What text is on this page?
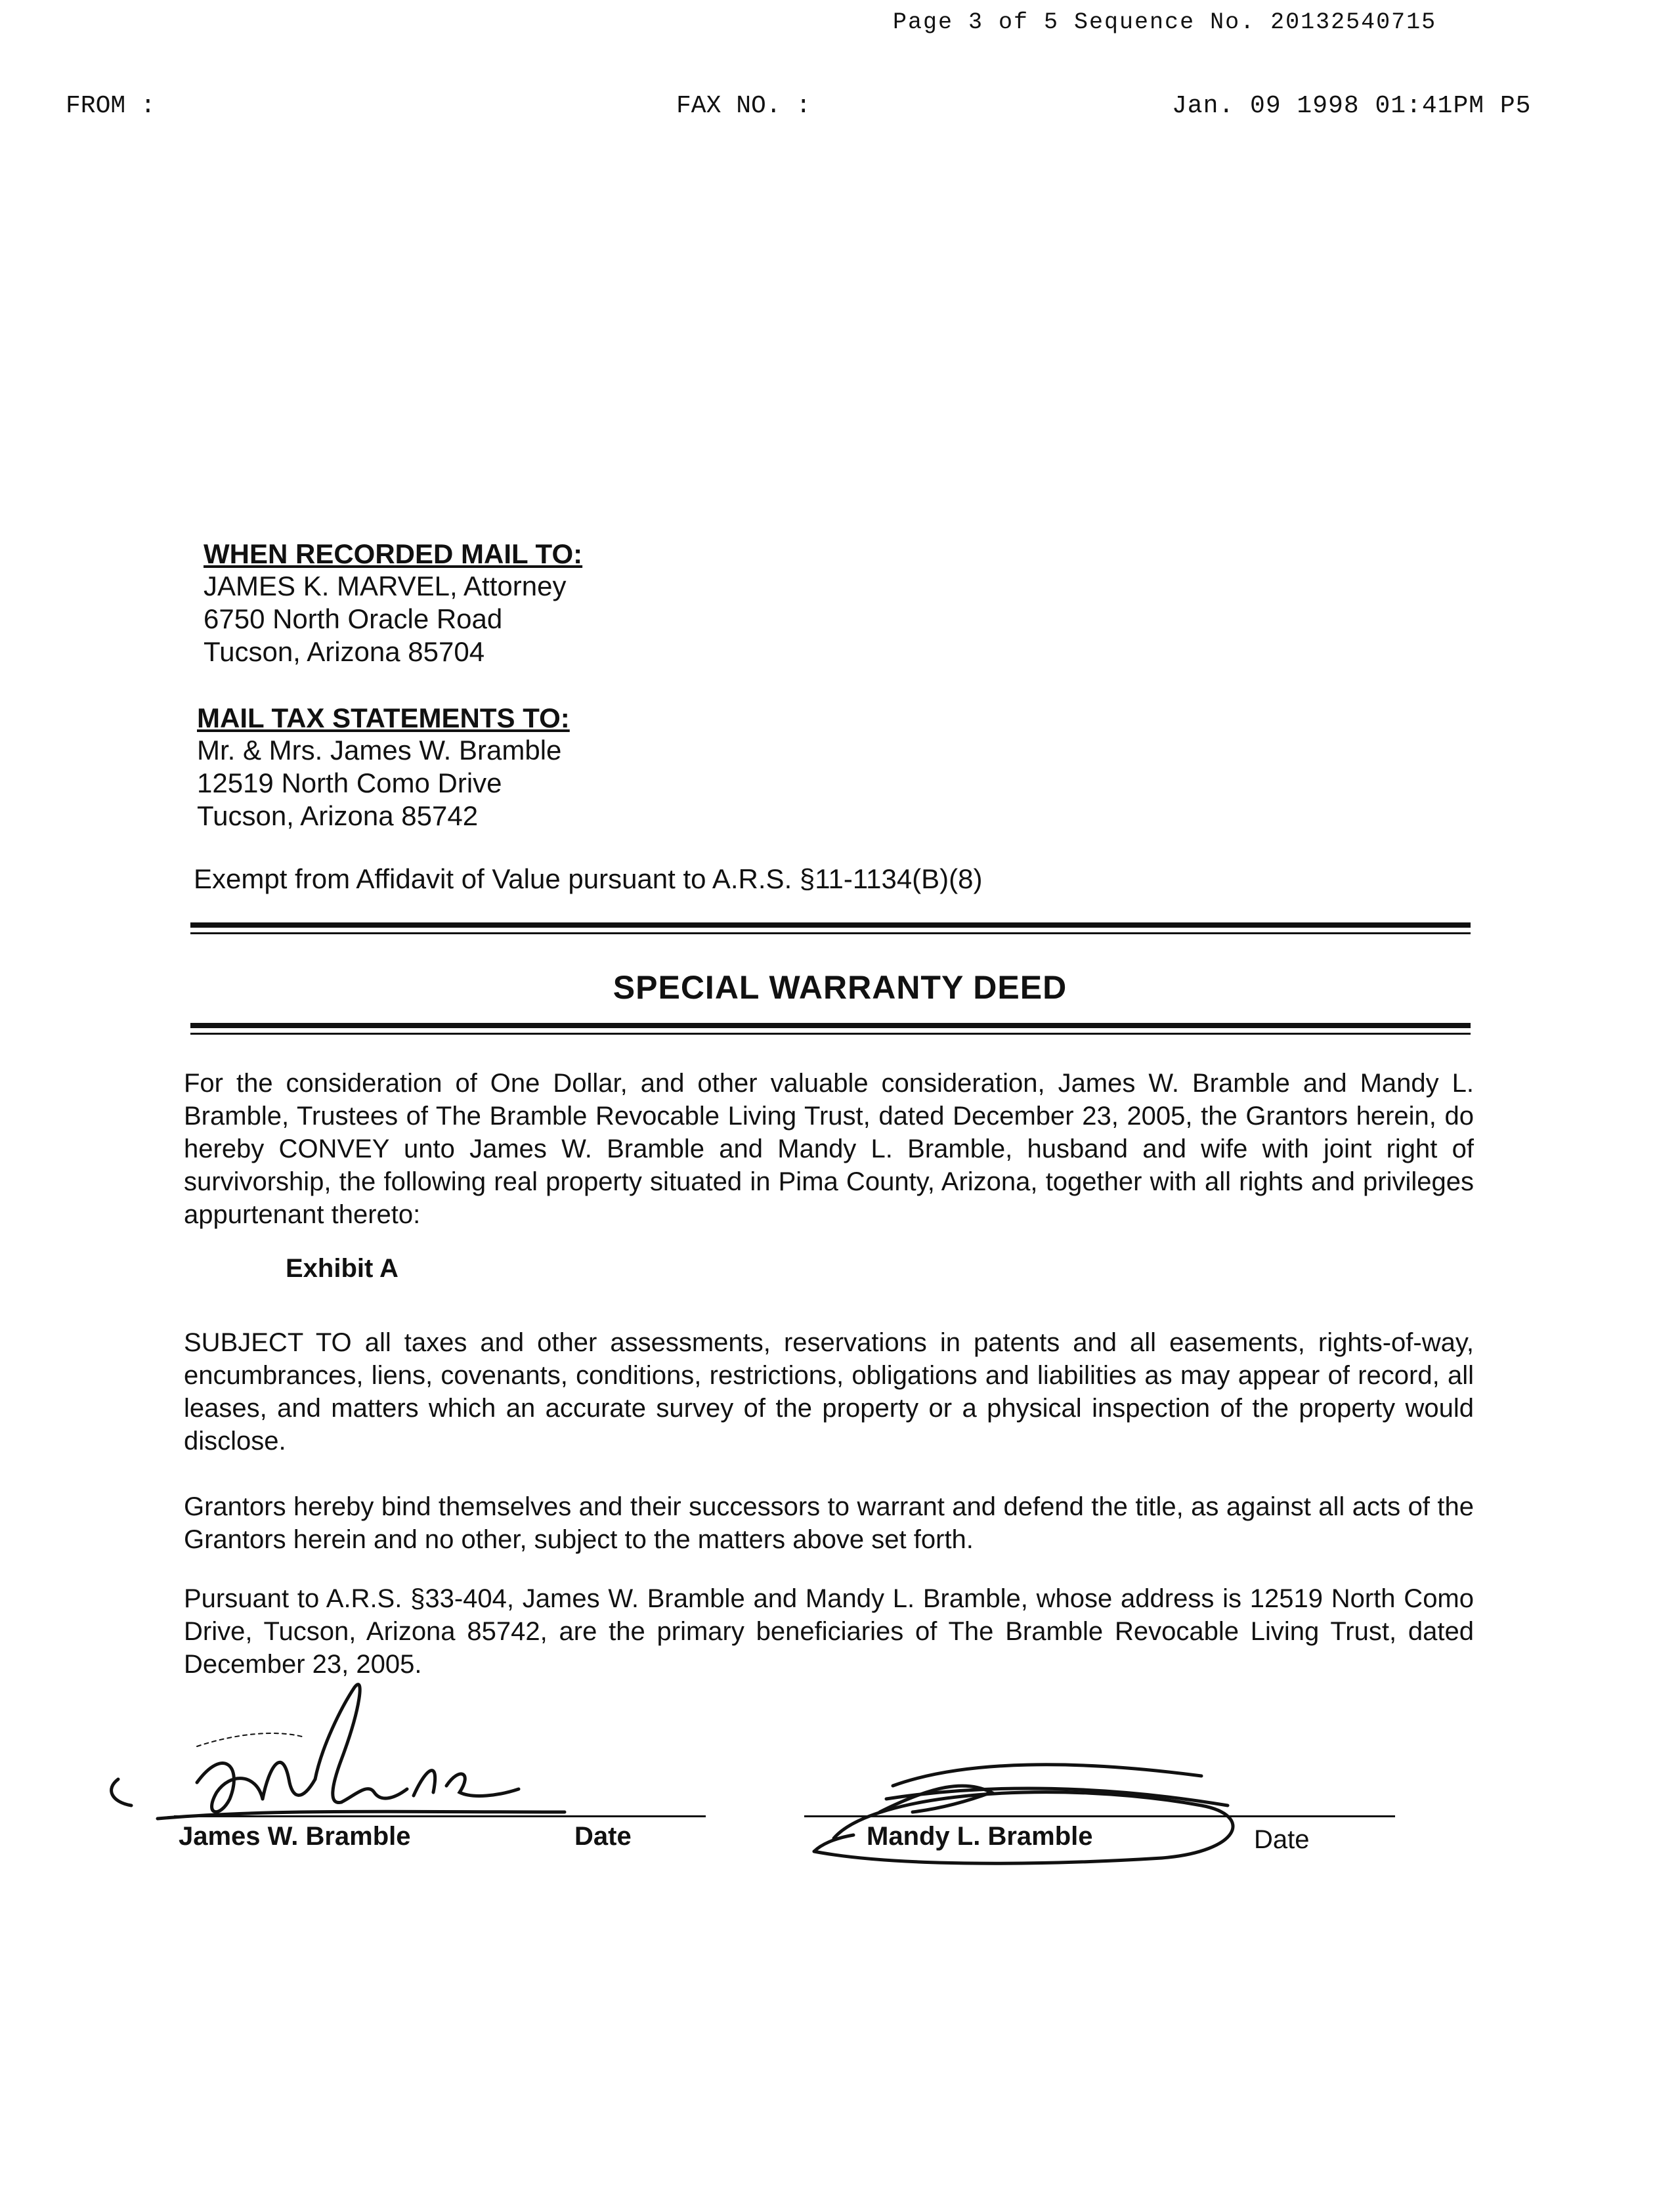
Page 3 of 5 Sequence No. 20132540715
FROM :	FAX NO. :	Jan. 09 1998 01:41PM P5
WHEN RECORDED MAIL TO:
JAMES K. MARVEL, Attorney
6750 North Oracle Road
Tucson, Arizona 85704
MAIL TAX STATEMENTS TO:
Mr. & Mrs. James W. Bramble
12519 North Como Drive
Tucson, Arizona 85742
Exempt from Affidavit of Value pursuant to A.R.S. §11-1134(B)(8)
SPECIAL WARRANTY DEED
For the consideration of One Dollar, and other valuable consideration, James W. Bramble and Mandy L. Bramble, Trustees of The Bramble Revocable Living Trust, dated December 23, 2005, the Grantors herein, do hereby CONVEY unto James W. Bramble and Mandy L. Bramble, husband and wife with joint right of survivorship, the following real property situated in Pima County, Arizona, together with all rights and privileges appurtenant thereto:
Exhibit A
SUBJECT TO all taxes and other assessments, reservations in patents and all easements, rights-of-way, encumbrances, liens, covenants, conditions, restrictions, obligations and liabilities as may appear of record, all leases, and matters which an accurate survey of the property or a physical inspection of the property would disclose.
Grantors hereby bind themselves and their successors to warrant and defend the title, as against all acts of the Grantors herein and no other, subject to the matters above set forth.
Pursuant to A.R.S. §33-404, James W. Bramble and Mandy L. Bramble, whose address is 12519 North Como Drive, Tucson, Arizona 85742, are the primary beneficiaries of The Bramble Revocable Living Trust, dated December 23, 2005.
James W. Bramble	Date	Mandy L. Bramble	Date
